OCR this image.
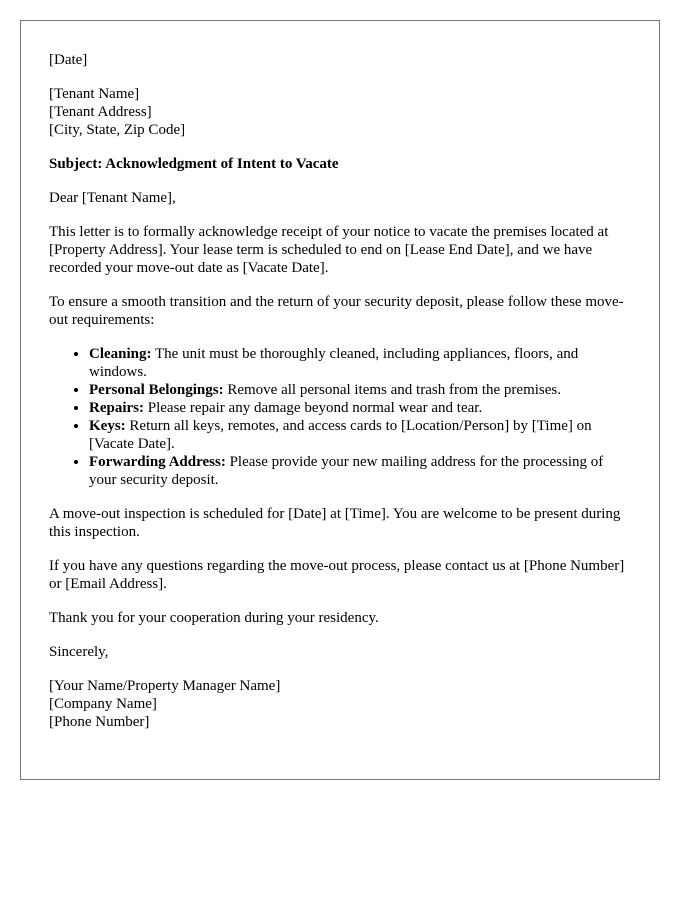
[Date]
[Tenant Name]
[Tenant Address]
[City, State, Zip Code]

Subject: Acknowledgment of Intent to Vacate

Dear [Tenant Name],

This letter is to formally acknowledge receipt of your notice to vacate the premises located at [Property Address]. Your lease term is scheduled to end on [Lease End Date], and we have recorded your move-out date as [Vacate Date].

To ensure a smooth transition and the return of your security deposit, please follow these move-out requirements:

• Cleaning: The unit must be thoroughly cleaned, including appliances, floors, and windows.
• Personal Belongings: Remove all personal items and trash from the premises.
• Repairs: Please repair any damage beyond normal wear and tear.
• Keys: Return all keys, remotes, and access cards to [Location/Person] by [Time] on [Vacate Date].
• Forwarding Address: Please provide your new mailing address for the processing of your security deposit.

A move-out inspection is scheduled for [Date] at [Time]. You are welcome to be present during this inspection.

If you have any questions regarding the move-out process, please contact us at [Phone Number] or [Email Address].

Thank you for your cooperation during your residency.

Sincerely,

[Your Name/Property Manager Name]
[Company Name]
[Phone Number]
